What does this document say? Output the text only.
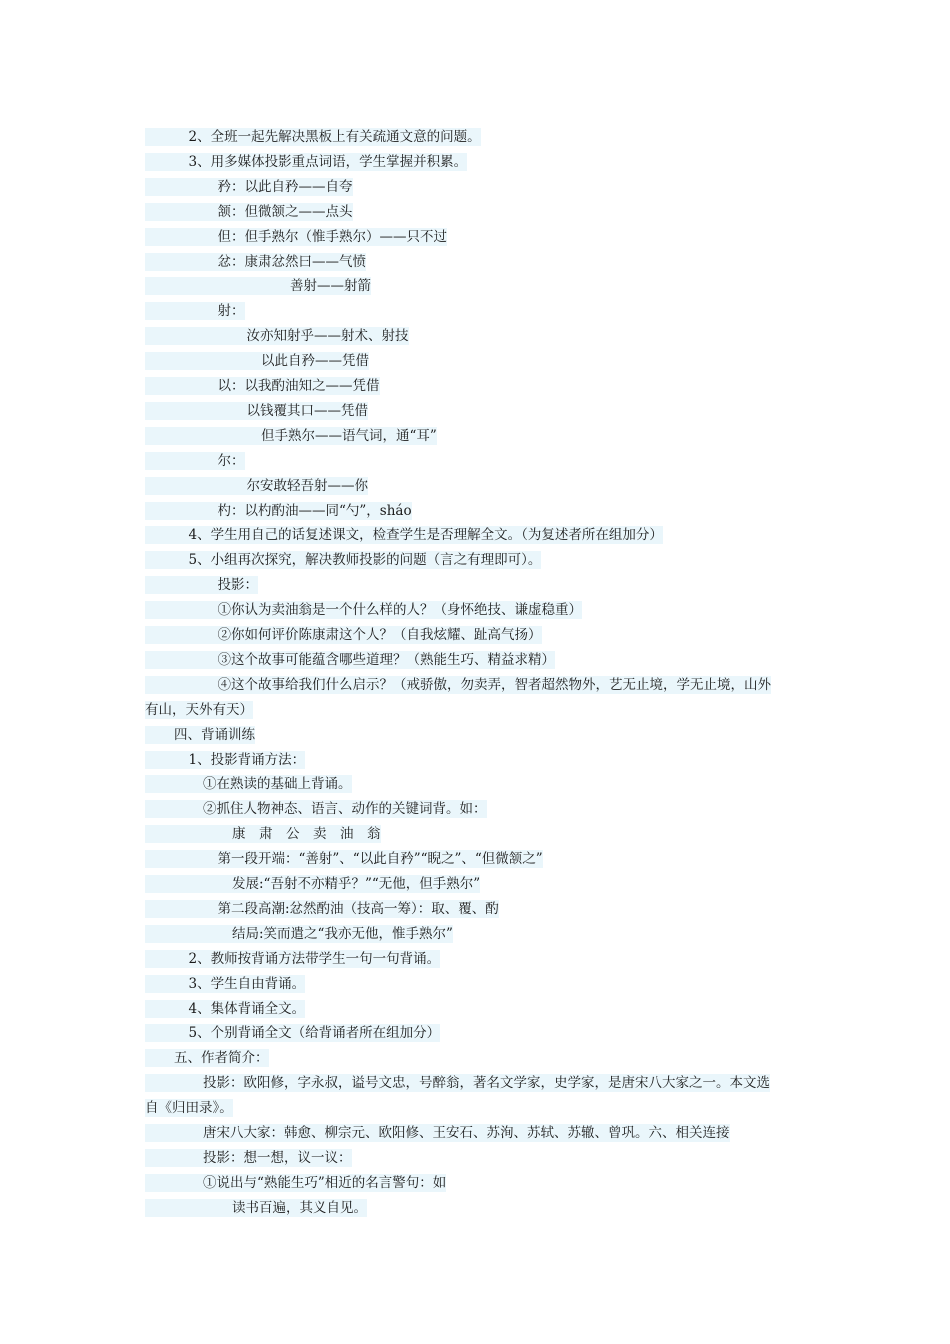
2、全班一起先解决黑板上有关疏通文意的问题。
3、用多媒体投影重点词语，学生掌握并积累。
矜：以此自矜——自夸
颔：但微颔之——点头
但：但手熟尔（惟手熟尔）——只不过
忿：康肃忿然曰——气愤
善射——射箭
射：
汝亦知射乎——射术、射技
以此自矜——凭借
以：以我酌油知之——凭借
以钱覆其口——凭借
但手熟尔——语气词，通“耳”
尔：
尔安敢轻吾射——你
杓：以杓酌油——同“勺”，sháo
4、学生用自己的话复述课文，检查学生是否理解全文。（为复述者所在组加分）
5、小组再次探究，解决教师投影的问题（言之有理即可）。
投影：
①你认为卖油翁是一个什么样的人？（身怀绝技、谦虚稳重）
②你如何评价陈康肃这个人？（自我炫耀、趾高气扬）
③这个故事可能蕴含哪些道理？（熟能生巧、精益求精）
④这个故事给我们什么启示？（戒骄傲，勿卖弄，智者超然物外，艺无止境，学无止境，山外
有山，天外有天）
四、背诵训练
1、投影背诵方法：
①在熟读的基础上背诵。
②抓住人物神态、语言、动作的关键词背。如：
康　肃　公　卖　油　翁
第一段开端：“善射”、“以此自矜”“睨之”、“但微颔之”
发展:“吾射不亦精乎？”“无他，但手熟尔”
第二段高潮:忿然酌油（技高一筹）：取、覆、酌
结局:笑而遣之“我亦无他，惟手熟尔”
2、教师按背诵方法带学生一句一句背诵。
3、学生自由背诵。
4、集体背诵全文。
5、个别背诵全文（给背诵者所在组加分）
五、作者简介：
投影：欧阳修，字永叔，谥号文忠，号醉翁，著名文学家，史学家，是唐宋八大家之一。本文选
自《归田录》。
唐宋八大家：韩愈、柳宗元、欧阳修、王安石、苏洵、苏轼、苏辙、曾巩。六、相关连接
投影：想一想，议一议：
①说出与“熟能生巧”相近的名言警句：如
读书百遍，其义自见。
